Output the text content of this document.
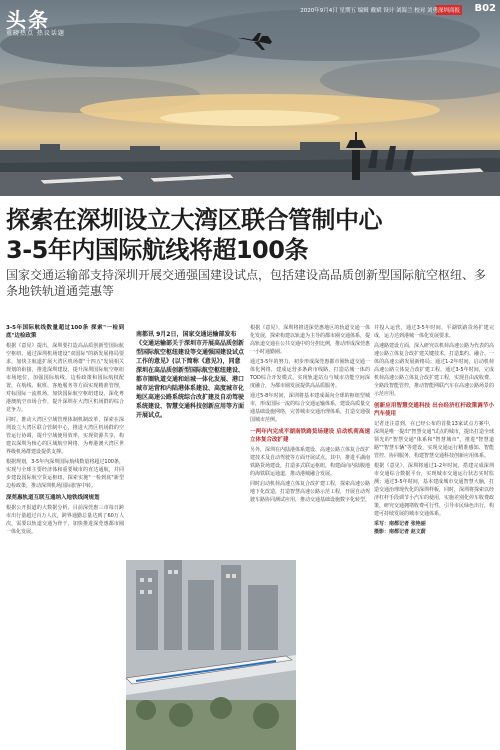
头条
重磅热点 热议话题
深圳商报
2020年9月4日 星期五 编辑 戴斌 设计 刘海兰 校对 刘勇	B02
探索在深圳设立大湾区联合管制中心
3-5年内国际航线将超100条
国家交通运输部支持深圳开展交通强国建设试点，包括建设高品质创新型国际航空枢纽、多条地铁轨道通莞惠等
3-5年国际航线数量超过100条 探索"一检到底"边检政策

根据《意见》提出，深圳要打造高品质创新型国际航空枢纽，通过深圳机场建设"双国际"的新发展格局要求，加快主航道扩展大湾区机场群"十四五"发展相关规划的衔接，推进深圳建设，提升深圳国际航空枢纽市场地位，加强国际航线，边检政策和国际航权配置，在航线、航班、客舱服务等方面实现精准管理，对标国际一流机场，加快国际航空枢纽建设，深化粤港澳航空市场合作，提升深圳在大湾区机场群的综合竞争力。

同时，推动大湾区空域管理体制机制改革，探索在深圳设立大湾区联合管制中心，推进大湾区机场群的空管运行协调，提升空域使用效率，实现资源共享，构建以深圳为核心的区域航空网络，为粤港澳大湾区世界级机场群建设提供支撑。

根据规划，3-5年内深圳国际航线数量将超过100条，实现与全球主要经济体和重要城市的直达通航，并同步建设国际航空货运枢纽，探索实施"一检到底"新型边检政策，推动深圳机场国际旅客中转。

深莞惠轨道互联互通纳入地铁线网规划

根据公开报道的大数据分析，目前深莞惠三市每日跨市出行量超过百万人次，跨界通勤总量达到了60万人次，需要以轨道交通为骨干，加快推进深莞惠都市圈一体化发展。

南都讯 9月2日，国家交通运输部发布《交通运输部关于深圳市开展高品质创新型国际航空枢纽建设等交通强国建设试点工作的意见》(以下简称《意见》)，同意深圳在高品质创新型国际航空枢纽建设、都市圈轨道交通和站城一体化发展、港口城市运营和内陆港体系建设、高度城市化地区高速公路系统综合改扩建及自动驾驶系统建设、智慧交通科技创新应用等方面开展试点。

根据《意见》，深圳将推进深莞惠地区的轨道交通一体化发展，探索构建以轨道为主导的都市圈交通体系，提高轨道交通在公共交通中的分担比例，推动形成深莞惠一小时通勤圈。

通过3-5年的努力，初步形成深莞惠都市圈轨道交通一体化网络，建成运营多条跨市线路，打造站城一体的TOD综合开发模式，实现轨道站点与城市功能空间深度融合，为都市圈发展提供高品质服务。

通过5-8年时间，深圳将基本建成面向全球的枢纽型城市，形成国际一流的综合交通运输体系，建设高质量交通基础设施网络，完善城市交通治理体系，打造交通强国城市范例。

一两年内完成平湖南铁路货场建设 启动机荷高速立体复合改扩建

另外，深圳在内陆港体系建设、高速公路立体复合改扩建技术及自动驾驶等方面开展试点。其中，推进平湖南铁路货场建设，打造多式联运枢纽，构建面向内陆腹地的海铁联运通道，推动港城融合发展。

同时启动机荷高速立体复合改扩建工程，探索高速公路地下化改造，打造智慧高速公路示范工程，开展自动驾驶车路协同测试应用，推动交通基础设施数字化转型。

并投入运营，通过3-5年时间，平湖铁路货场扩建完成，运力达到港城一体化发展要求。

高速路建设方面，深入研究以机荷高速公路为代表的高速公路立体复合改扩建关键技术，打造集约、融合、一体的高速公路发展新格局；通过1-2年时间，启动机荷高速公路立体复合改扩建工程，通过3-5年时间，完成机荷高速公路立体复合改扩建工程，实现自由流收费、全路段智能管控，推动智能网联汽车在高速公路场景的示范应用。

创新应用智慧交通科技 出台经济杠杆政策调节小汽车使用

记者还注意到，在已经公布的首批13家试点方案中，深圳是唯一提出"智慧交通"试点的城市，提出打造全球领先的"智慧交通"体系和"智慧城市"，推进"智慧道路""智慧车辆"等建设，实现交通运行精准感知、智能管控、协同服务，构建智慧交通科技创新应用体系。

根据《意见》，深圳将通过1-2年时间，搭建完成深圳市交通综合数据平台，实现城市交通运行状态实时监测；通过3-5年时间，基本建成城市交通智慧大脑，打造交通治理现代化的深圳样板，同时，深圳将探索以经济杠杆手段调节小汽车的使用，实施差别化停车收费政策，研究交通拥堵收费可行性，引导市民绿色出行，构建可持续发展的城市交通体系。

采写：南都记者 张艳丽
摄影：南都记者 赵文蔚
